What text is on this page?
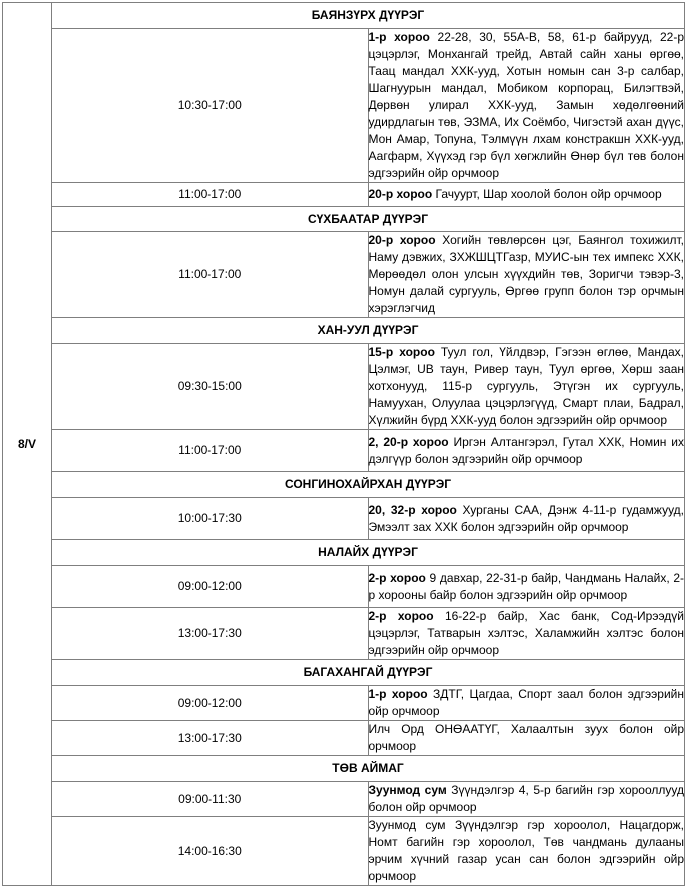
8/V	БАЯНЗҮРХ ДҮҮРЭГ	
	10:30-17:00	1-р хороо 22-28, 30, 55А-В, 58, 61-р байрууд, 22-р цэцэрлэг, Монхангай трейд, Автай сайн ханы өргөө, Таац мандал ХХК-ууд, Хотын номын сан 3-р салбар, Шагнуурын мандал, Мобиком корпорац, Билэгтвэй, Дөрвөн улирал ХХК-ууд, Замын хөдөлгөөний удирдлагын төв, ЭЗМА, Их Соёмбо, Чигэстэй ахан дүүс, Мон Амар, Топуна, Тэлмүүн лхам констракшн ХХК-ууд, Аагфарм, Хүүхэд гэр бүл хөгжлийн Өнөр бүл төв болон эдгээрийн ойр орчмоор
	11:00-17:00	20-р хороо Гачуурт, Шар хоолой болон ойр орчмоор
	СҮХБААТАР ДҮҮРЭГ	
	11:00-17:00	20-р хороо Хогийн төвлөрсөн цэг, Баянгол тохижилт, Наму дэвжих, ЗХЖШЦТГазр, МУИС-ын тех импекс ХХК, Мөрөөдөл олон улсын хүүхдийн төв, Зоригчи тэвэр-3, Номун далай сургууль, Өргөө групп болон тэр орчмын хэрэглэгчид
	ХАН-УУЛ ДҮҮРЭГ	
	09:30-15:00	15-р хороо Туул гол, Үйлдвэр, Гэгээн өглөө, Мандах, Цэлмэг, UB таун, Ривер таун, Туул өргөө, Хөрш заан хотхонууд, 115-р сургууль, Этүгэн их сургууль, Намуухан, Олуулаа цэцэрлэгүүд, Смарт плаи, Бадрал, Хүлжийн бүрд ХХК-ууд болон эдгээрийн ойр орчмоор
	11:00-17:00	2, 20-р хороо Иргэн Алтангэрэл, Гутал ХХК, Номин их дэлгүүр болон эдгээрийн ойр орчмоор
	СОНГИНОХАЙРХАН ДҮҮРЭГ	
	10:00-17:30	20, 32-р хороо Хурганы САА, Дэнж 4-11-р гудамжууд, Эмээлт зах ХХК болон эдгээрийн ойр орчмоор
	НАЛАЙХ ДҮҮРЭГ	
	09:00-12:00	2-р хороо 9 давхар, 22-31-р байр, Чандмань Налайх, 2-р хорооны байр болон эдгээрийн ойр орчмоор
	13:00-17:30	2-р хороо 16-22-р байр, Хас банк, Сод-Ирээдүй цэцэрлэг, Татварын хэлтэс, Халамжийн хэлтэс болон эдгээрийн ойр орчмоор
	БАГАХАНГАЙ ДҮҮРЭГ	
	09:00-12:00	1-р хороо ЗДТГ, Цагдаа, Спорт заал болон эдгээрийн ойр орчмоор
	13:00-17:30	Илч Орд ОНӨААТҮГ, Халаалтын зуух болон ойр орчмоор
	ТӨВ АЙМАГ	
	09:00-11:30	Зуунмод сум Зүүндэлгэр 4, 5-р багийн гэр хорооллууд болон ойр орчмоор
	14:00-16:30	Зуунмод сум Зүүндэлгэр гэр хороолол, Нацагдорж, Номт багийн гэр хороолол, Төв чандмань дулааны эрчим хүчний газар усан сан болон эдгээрийн ойр орчмоор
